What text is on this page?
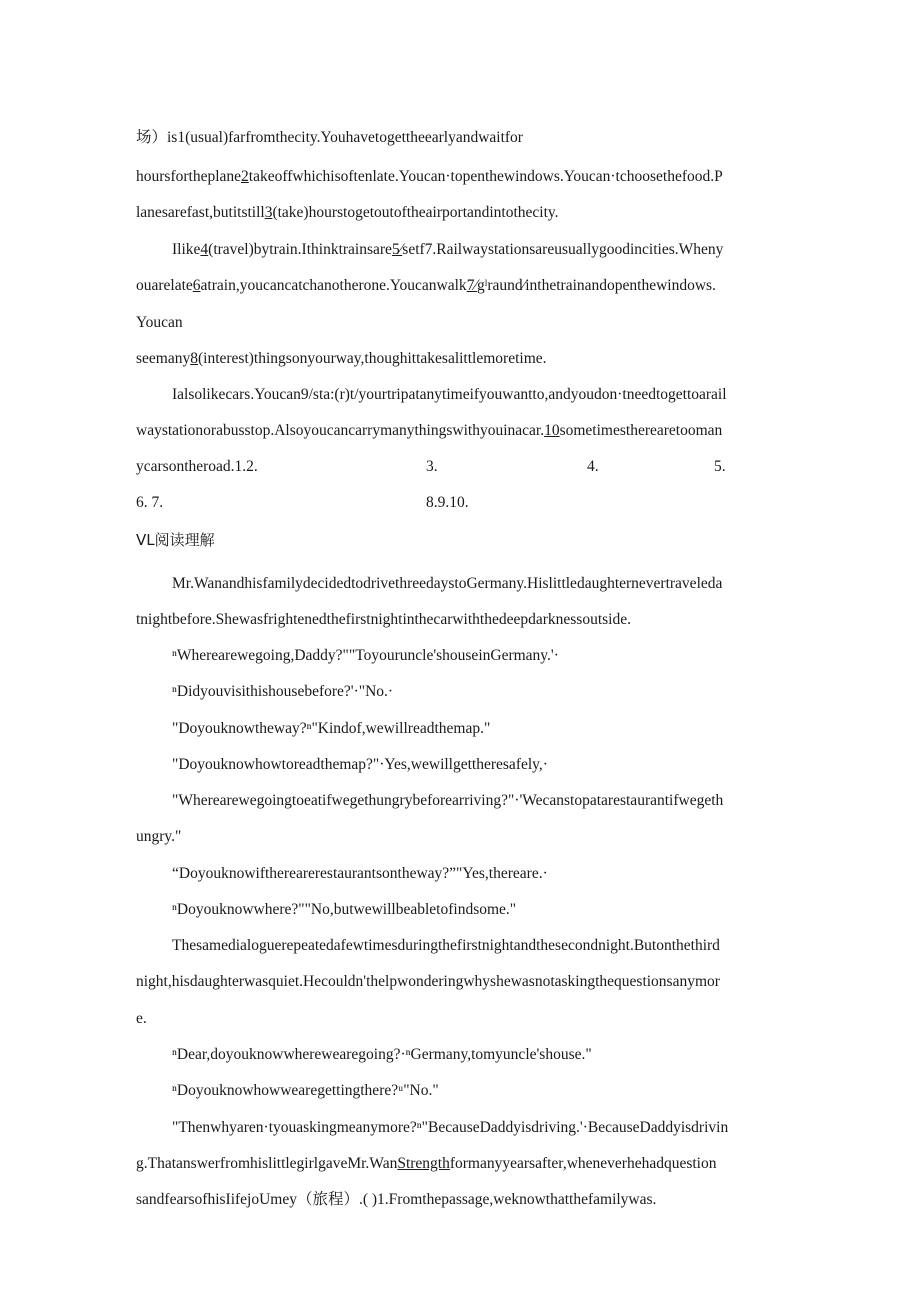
场）is1(usual)farfromthecity.Youhavetogettheearlyandwaitfor
hoursfortheplane2takeoffwhichisoftenlate.Youcan·topenthewindows.Youcan·tchoosethefood.P
lanesarefast,butitstill3(take)hourstogetoutoftheairportandintothecity.
Ilike4(travel)bytrain.Ithinktrainsare5⁄setf7.Railwaystationsareusuallygoodincities.Wheny
ouarelate6atrain,youcancatchanotherone.Youcanwalk7⁄gˡraund⁄inthetrainandopenthewindows.
Youcan
seemany8(interest)thingsonyourway,thoughittakesalittlemoretime.
Ialsolikecars.Youcan9/sta:(r)t/yourtripatanytimeifyouwantto,andyoudon·tneedtogettoarail
waystationorabusstop.Alsoyoucancarrymanythingswithyouinacar.10sometimestherearetooman
ycarsontheroad.1.2.	3.	4.	5.
6. 7.	8.9.10.
VL阅读理解
Mr.WanandhisfamilydecidedtodrivethreedaystoGermany.Hislittledaughternevertraveleda
tnightbefore.Shewasfrightenedthefirstnightinthecarwiththedeepdarknessoutside.
ⁿWherearewegoing,Daddy?""Toyouruncle'shouseinGermany.'·
ⁿDidyouvisithishousebefore?'·"No.·
"Doyouknowtheway?ⁿ"Kindof,wewillreadthemap."
"Doyouknowhowtoreadthemap?"·Yes,wewillgettheresafely,·
"Wherearewegoingtoeatifwegethungrybeforearriving?"·'Wecanstopatarestaurantifwegeth
ungry."
“Doyouknowiftherearerestaurantsontheway?”"Yes,thereare.·
ⁿDoyouknowwhere?""No,butwewillbeabletofindsome."
Thesamedialoguerepeatedafewtimesduringthefirstnightandthesecondnight.Butonthethird
night,hisdaughterwasquiet.Hecouldn'thelpwonderingwhyshewasnotaskingthequestionsanymor
e.
ⁿDear,doyouknowwherewearegoing?·ⁿGermany,tomyuncle'shouse."
ⁿDoyouknowhowwearegettingthere?ᵘ"No."
"Thenwhyaren·tyouaskingmeanymore?ⁿ"BecauseDaddyisdriving.'·BecauseDaddyisdrivin
g.ThatanswerfromhislittlegirlgaveMr.WanStrengthformanyyearsafter,wheneverhehadquestion
sandfearsofhisIifejoUmey（旅程）.( )1.Fromthepassage,weknowthatthefamilywas.
